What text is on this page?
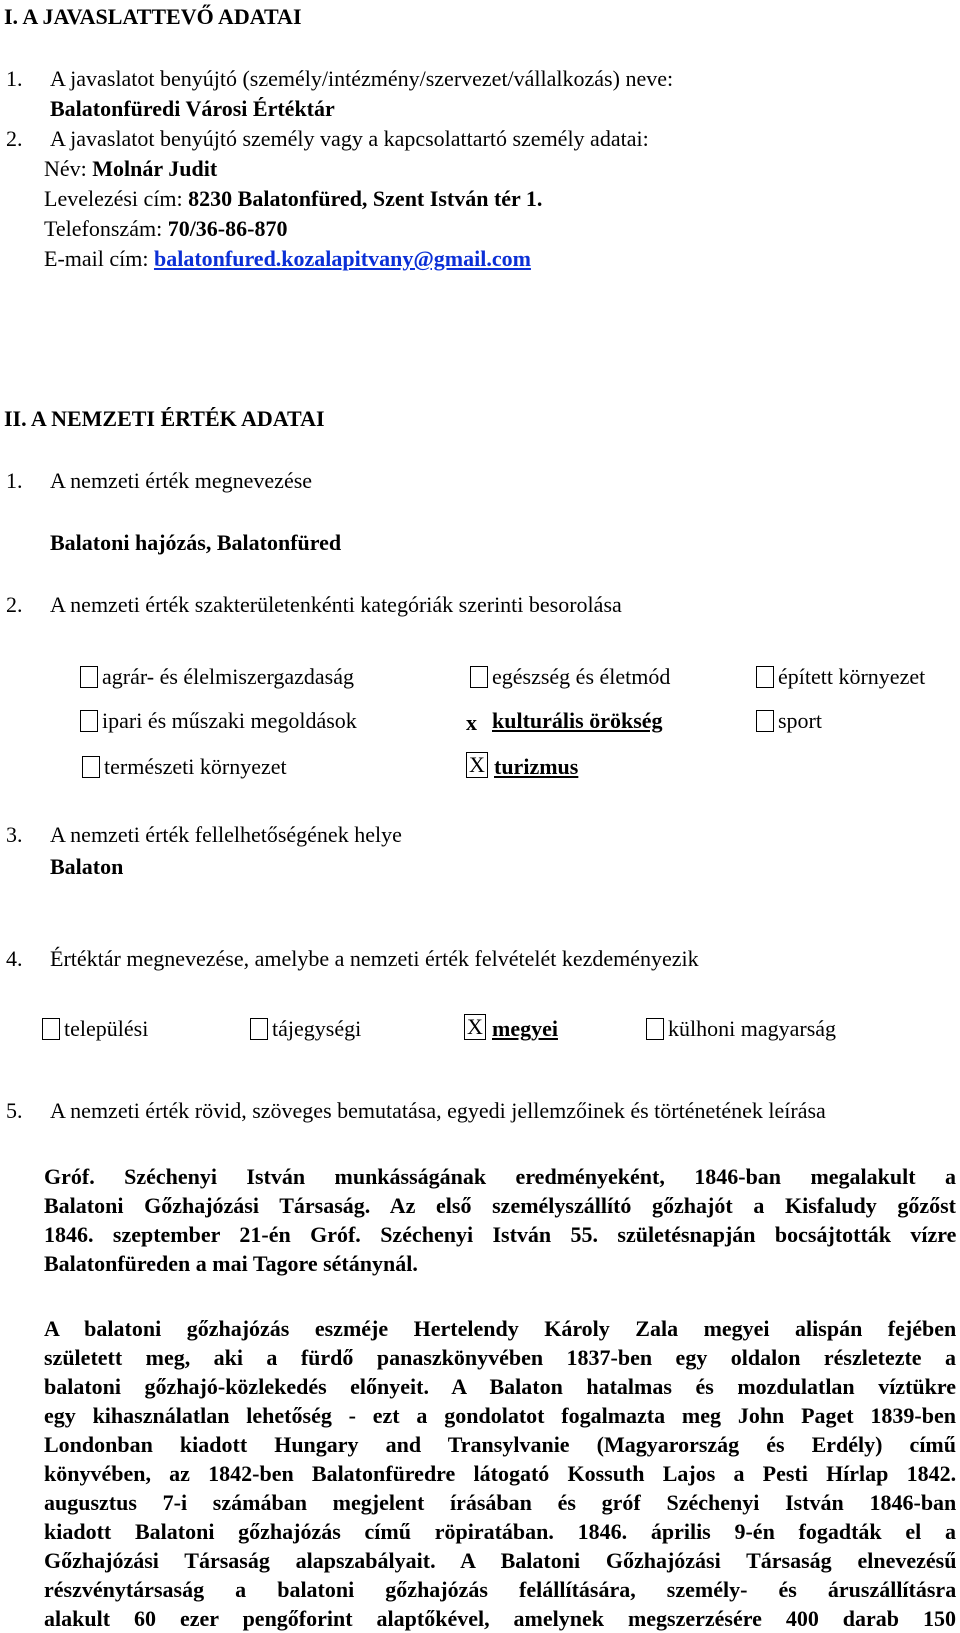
I. A JAVASLATTEVŐ ADATAI
1. A javaslatot benyújtó (személy/intézmény/szervezet/vállalkozás) neve:
Balatonfüredi Városi Értéktár
2. A javaslatot benyújtó személy vagy a kapcsolattartó személy adatai:
Név: Molnár Judit
Levelezési cím: 8230 Balatonfüred, Szent István tér 1.
Telefonszám: 70/36-86-870
E-mail cím: balatonfured.kozalapitvany@gmail.com
II. A NEMZETI ÉRTÉK ADATAI
1. A nemzeti érték megnevezése
Balatoni hajózás, Balatonfüred
2. A nemzeti érték szakterületenkénti kategóriák szerinti besorolása
agrár- és élelmiszergazdaság	egészség és életmód	épített környezet
ipari és műszaki megoldások	x kulturális örökség	sport
természeti környezet	X turizmus
3. A nemzeti érték fellelhetőségének helye
Balaton
4. Értéktár megnevezése, amelybe a nemzeti érték felvételét kezdeményezik
települési	tájegységi	X megyei	külhoni magyarság
5. A nemzeti érték rövid, szöveges bemutatása, egyedi jellemzőinek és történetének leírása
Gróf. Széchenyi István munkásságának eredményeként, 1846-ban megalakult a
Balatoni Gőzhajózási Társaság. Az első személyszállító gőzhajót a Kisfaludy gőzőst
1846. szeptember 21-én Gróf. Széchenyi István 55. születésnapján bocsájtották vízre
Balatonfüreden a mai Tagore sétánynál.
A balatoni gőzhajózás eszméje Hertelendy Károly Zala megyei alispán fejében
született meg, aki a fürdő panaszkönyvében 1837-ben egy oldalon részletezte a
balatoni gőzhajó-közlekedés előnyeit. A Balaton hatalmas és mozdulatlan víztükre
egy kihasználatlan lehetőség - ezt a gondolatot fogalmazta meg John Paget 1839-ben
Londonban kiadott Hungary and Transylvanie (Magyarország és Erdély) című
könyvében, az 1842-ben Balatonfüredre látogató Kossuth Lajos a Pesti Hírlap 1842.
augusztus 7-i számában megjelent írásában és gróf Széchenyi István 1846-ban
kiadott Balatoni gőzhajózás című röpiratában. 1846. április 9-én fogadták el a
Gőzhajózási Társaság alapszabályait. A Balatoni Gőzhajózási Társaság elnevezésű
részvénytársaság a balatoni gőzhajózás felállítására, személy- és áruszállításra
alakult 60 ezer pengőforint alaptőkével, amelynek megszerzésére 400 darab 150
